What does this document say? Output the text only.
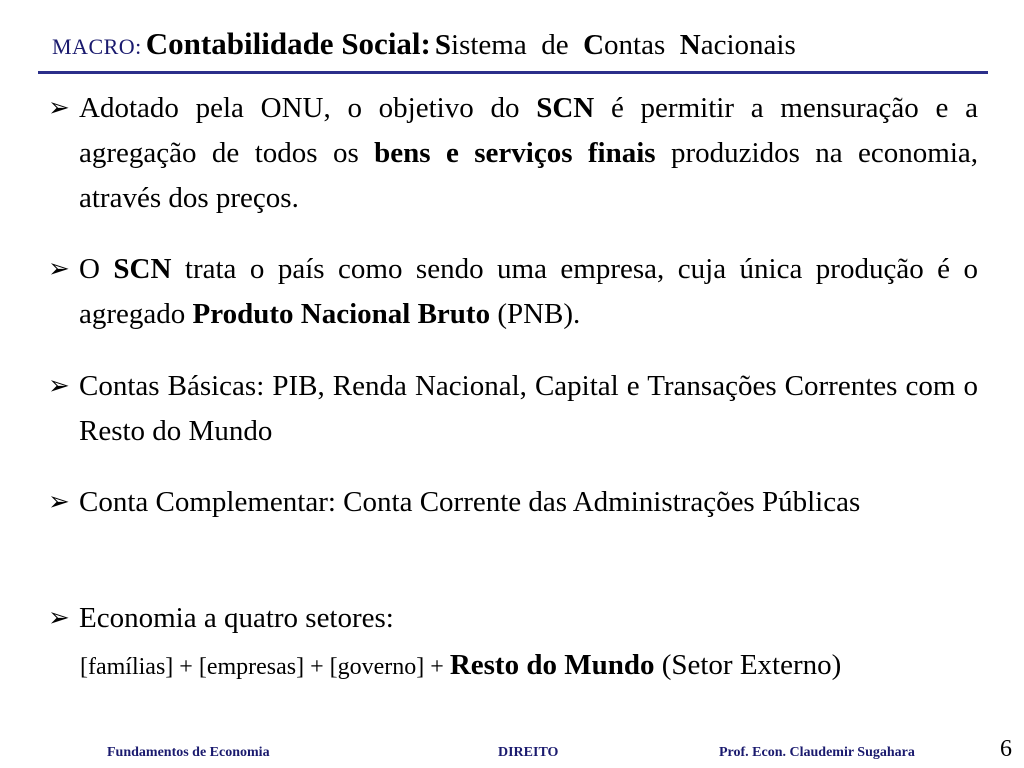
MACRO: Contabilidade Social: Sistema de Contas Nacionais
➢ Adotado pela ONU, o objetivo do SCN é permitir a mensuração e a agregação de todos os bens e serviços finais produzidos na economia, através dos preços.
➢ O SCN trata o país como sendo uma empresa, cuja única produção é o agregado Produto Nacional Bruto (PNB).
➢ Contas Básicas: PIB, Renda Nacional, Capital e Transações Correntes com o Resto do Mundo
➢ Conta Complementar: Conta Corrente das Administrações Públicas
➢ Economia a quatro setores:
[famílias] + [empresas] + [governo] + Resto do Mundo (Setor Externo)
Fundamentos de Economia	DIREITO	Prof. Econ. Claudemir Sugahara	6
